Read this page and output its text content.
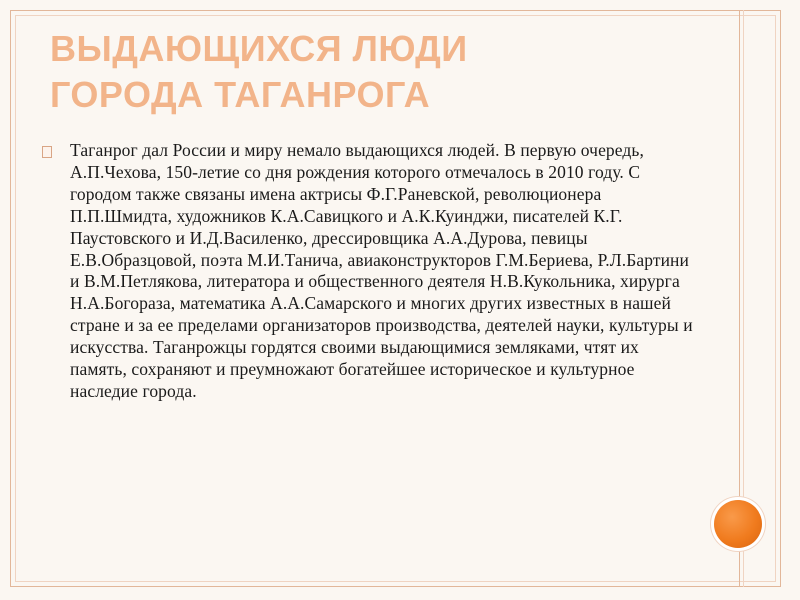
ВЫДАЮЩИХСЯ ЛЮДИ
ГОРОДА ТАГАНРОГА

Таганрог дал России и миру немало выдающихся людей. В первую очередь, А.П.Чехова, 150-летие со дня рождения которого отмечалось в 2010 году. С городом также связаны имена актрисы Ф.Г.Раневской, революционера П.П.Шмидта, художников К.А.Савицкого и А.К.Куинджи, писателей К.Г. Паустовского и И.Д.Василенко, дрессировщика А.А.Дурова, певицы Е.В.Образцовой, поэта М.И.Танича, авиаконструкторов Г.М.Бериева, Р.Л.Бартини и В.М.Петлякова, литератора и общественного деятеля Н.В.Кукольника, хирурга Н.А.Богораза, математика А.А.Самарского и многих других известных в нашей стране и за ее пределами организаторов производства, деятелей науки, культуры и искусства. Таганрожцы гордятся своими выдающимися земляками, чтят их память, сохраняют и преумножают богатейшее историческое и культурное наследие города.
